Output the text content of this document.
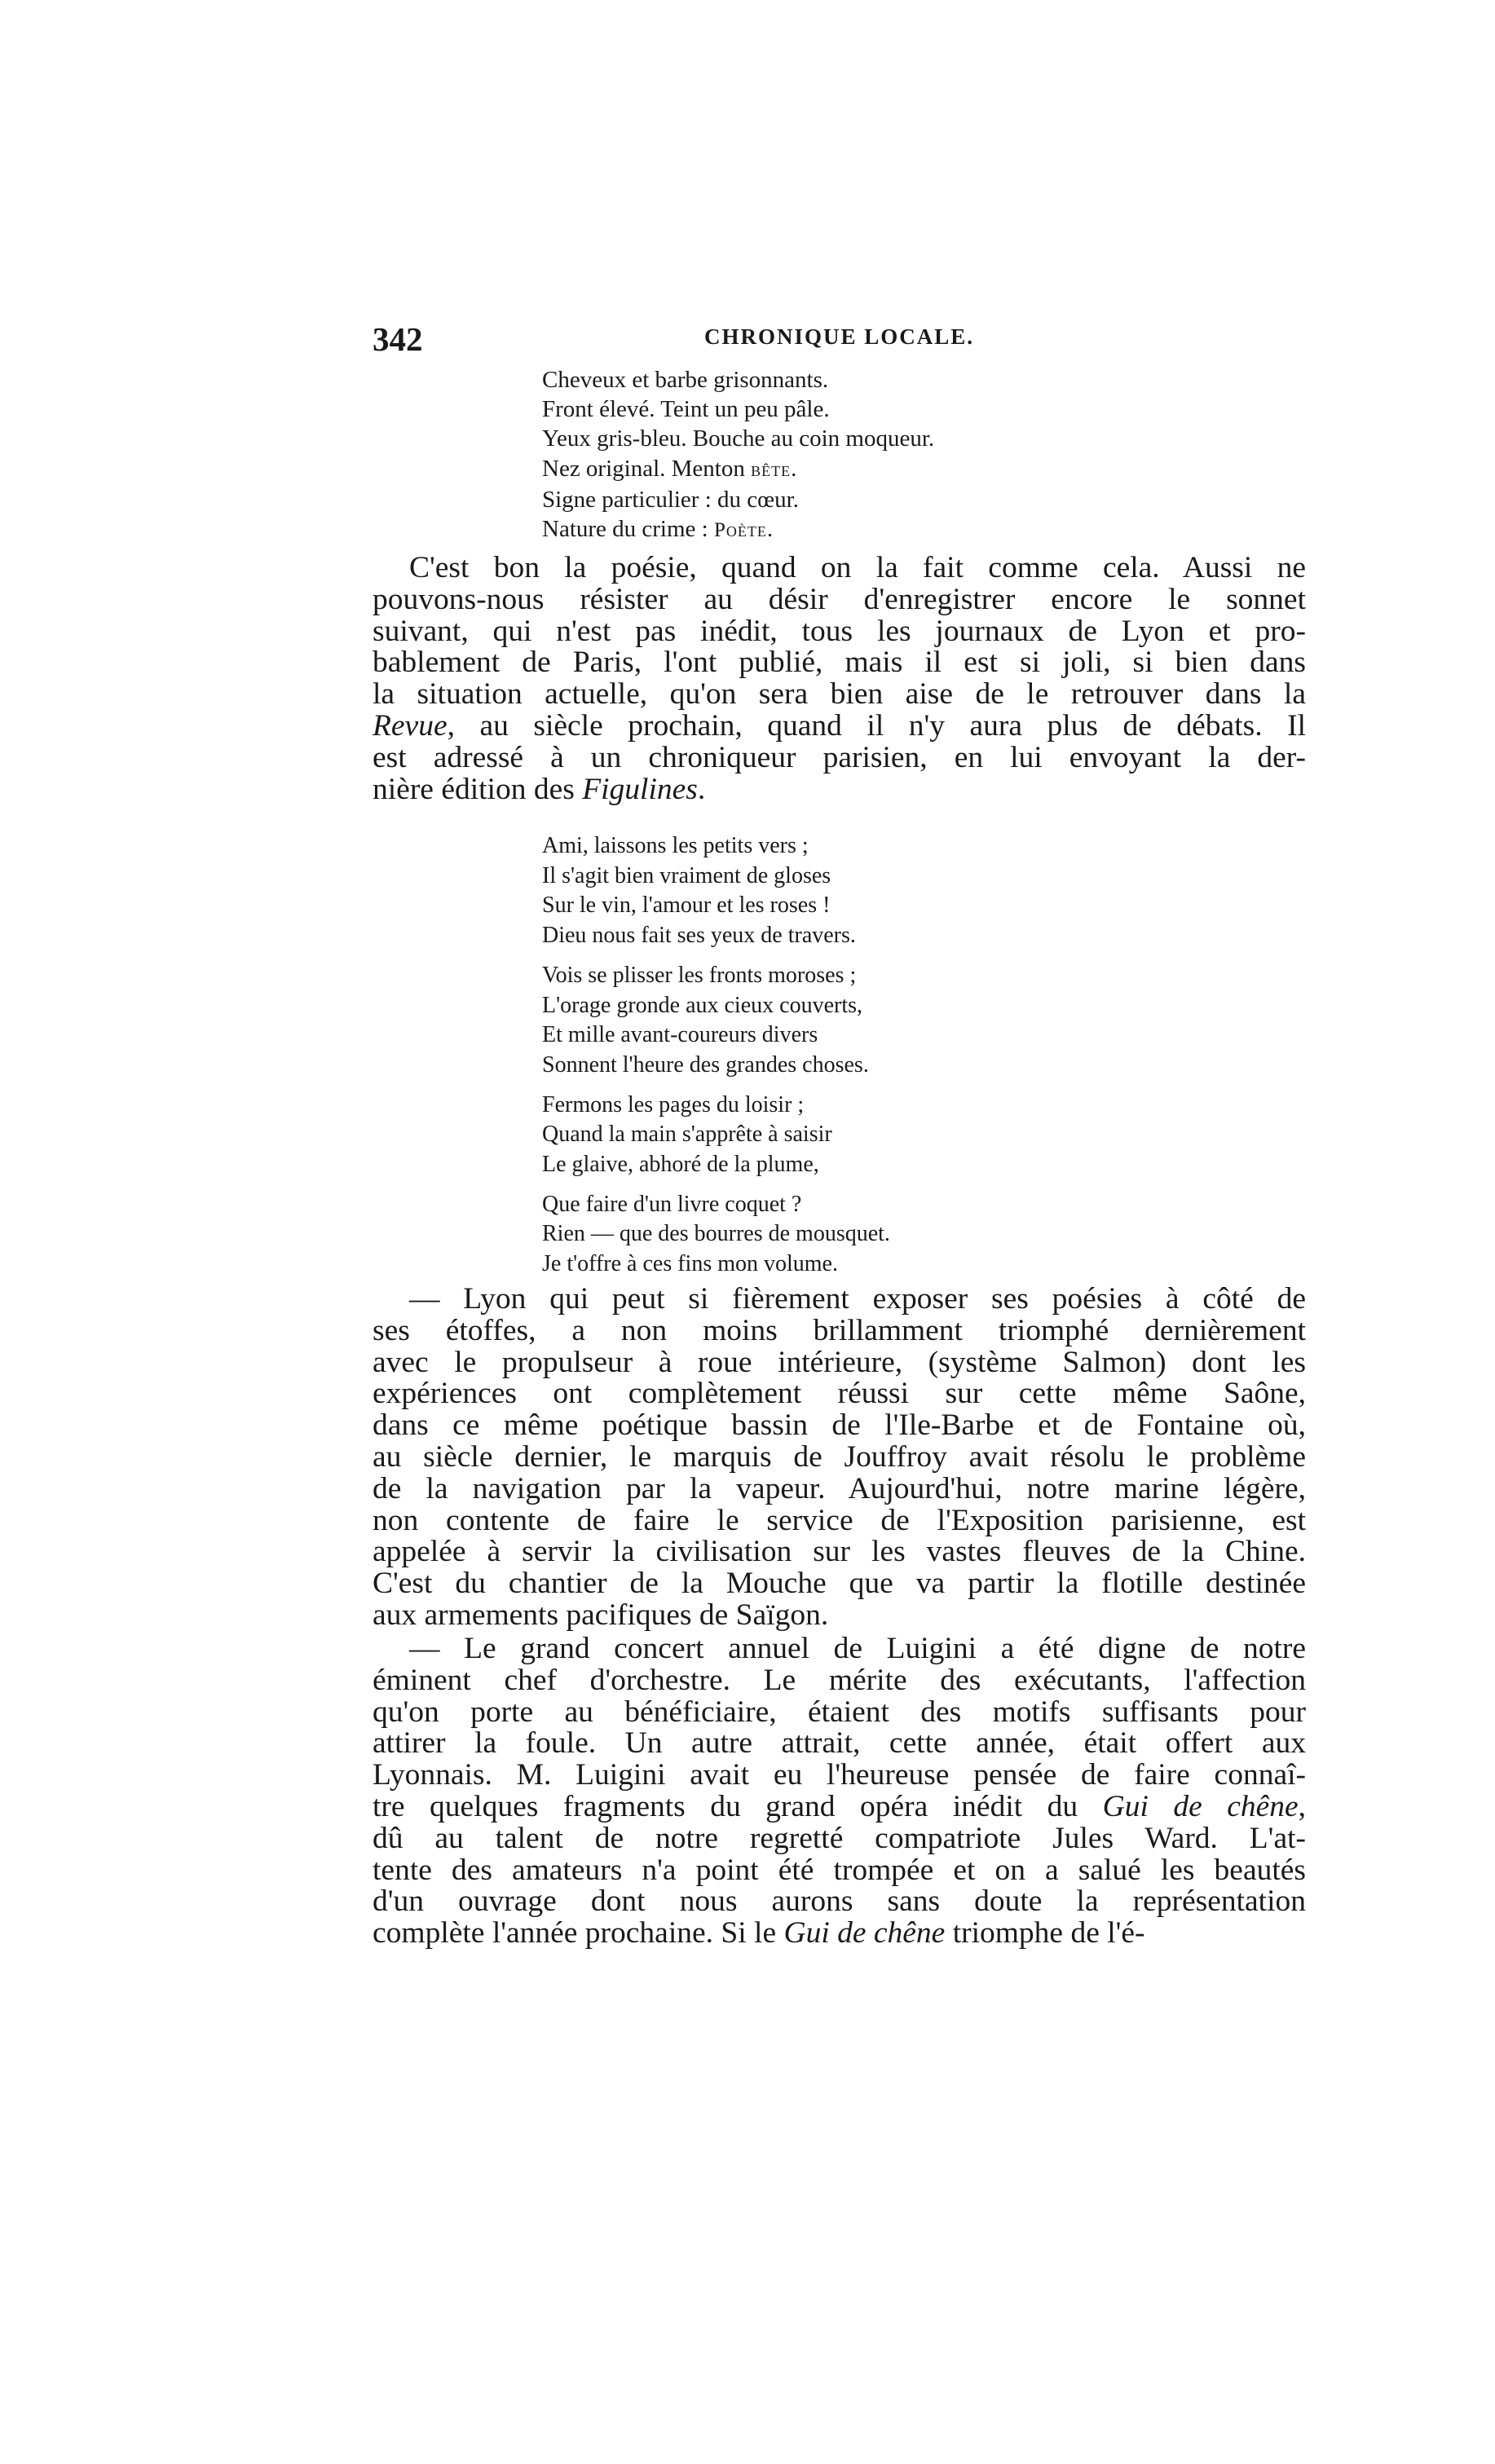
342	CHRONIQUE LOCALE.
Cheveux et barbe grisonnants.
Front élevé. Teint un peu pâle.
Yeux gris-bleu. Bouche au coin moqueur.
Nez original. Menton bête.
Signe particulier : du cœur.
Nature du crime : Poète.
C'est bon la poésie, quand on la fait comme cela. Aussi ne
pouvons-nous résister au désir d'enregistrer encore le sonnet
suivant, qui n'est pas inédit, tous les journaux de Lyon et pro-
bablement de Paris, l'ont publié, mais il est si joli, si bien dans
la situation actuelle, qu'on sera bien aise de le retrouver dans la
Revue, au siècle prochain, quand il n'y aura plus de débats. Il
est adressé à un chroniqueur parisien, en lui envoyant la der-
nière édition des Figulines.
Ami, laissons les petits vers ;
Il s'agit bien vraiment de gloses
Sur le vin, l'amour et les roses !
Dieu nous fait ses yeux de travers.
Vois se plisser les fronts moroses ;
L'orage gronde aux cieux couverts,
Et mille avant-coureurs divers
Sonnent l'heure des grandes choses.
Fermons les pages du loisir ;
Quand la main s'apprête à saisir
Le glaive, abhoré de la plume,
Que faire d'un livre coquet ?
Rien — que des bourres de mousquet.
Je t'offre à ces fins mon volume.
— Lyon qui peut si fièrement exposer ses poésies à côté de
ses étoffes, a non moins brillamment triomphé dernièrement
avec le propulseur à roue intérieure, (système Salmon) dont les
expériences ont complètement réussi sur cette même Saône,
dans ce même poétique bassin de l'Ile-Barbe et de Fontaine où,
au siècle dernier, le marquis de Jouffroy avait résolu le problème
de la navigation par la vapeur. Aujourd'hui, notre marine légère,
non contente de faire le service de l'Exposition parisienne, est
appelée à servir la civilisation sur les vastes fleuves de la Chine.
C'est du chantier de la Mouche que va partir la flotille destinée
aux armements pacifiques de Saïgon.
— Le grand concert annuel de Luigini a été digne de notre
éminent chef d'orchestre. Le mérite des exécutants, l'affection
qu'on porte au bénéficiaire, étaient des motifs suffisants pour
attirer la foule. Un autre attrait, cette année, était offert aux
Lyonnais. M. Luigini avait eu l'heureuse pensée de faire connaî-
tre quelques fragments du grand opéra inédit du Gui de chêne,
dû au talent de notre regretté compatriote Jules Ward. L'at-
tente des amateurs n'a point été trompée et on a salué les beautés
d'un ouvrage dont nous aurons sans doute la représentation
complète l'année prochaine. Si le Gui de chêne triomphe de l'é-
